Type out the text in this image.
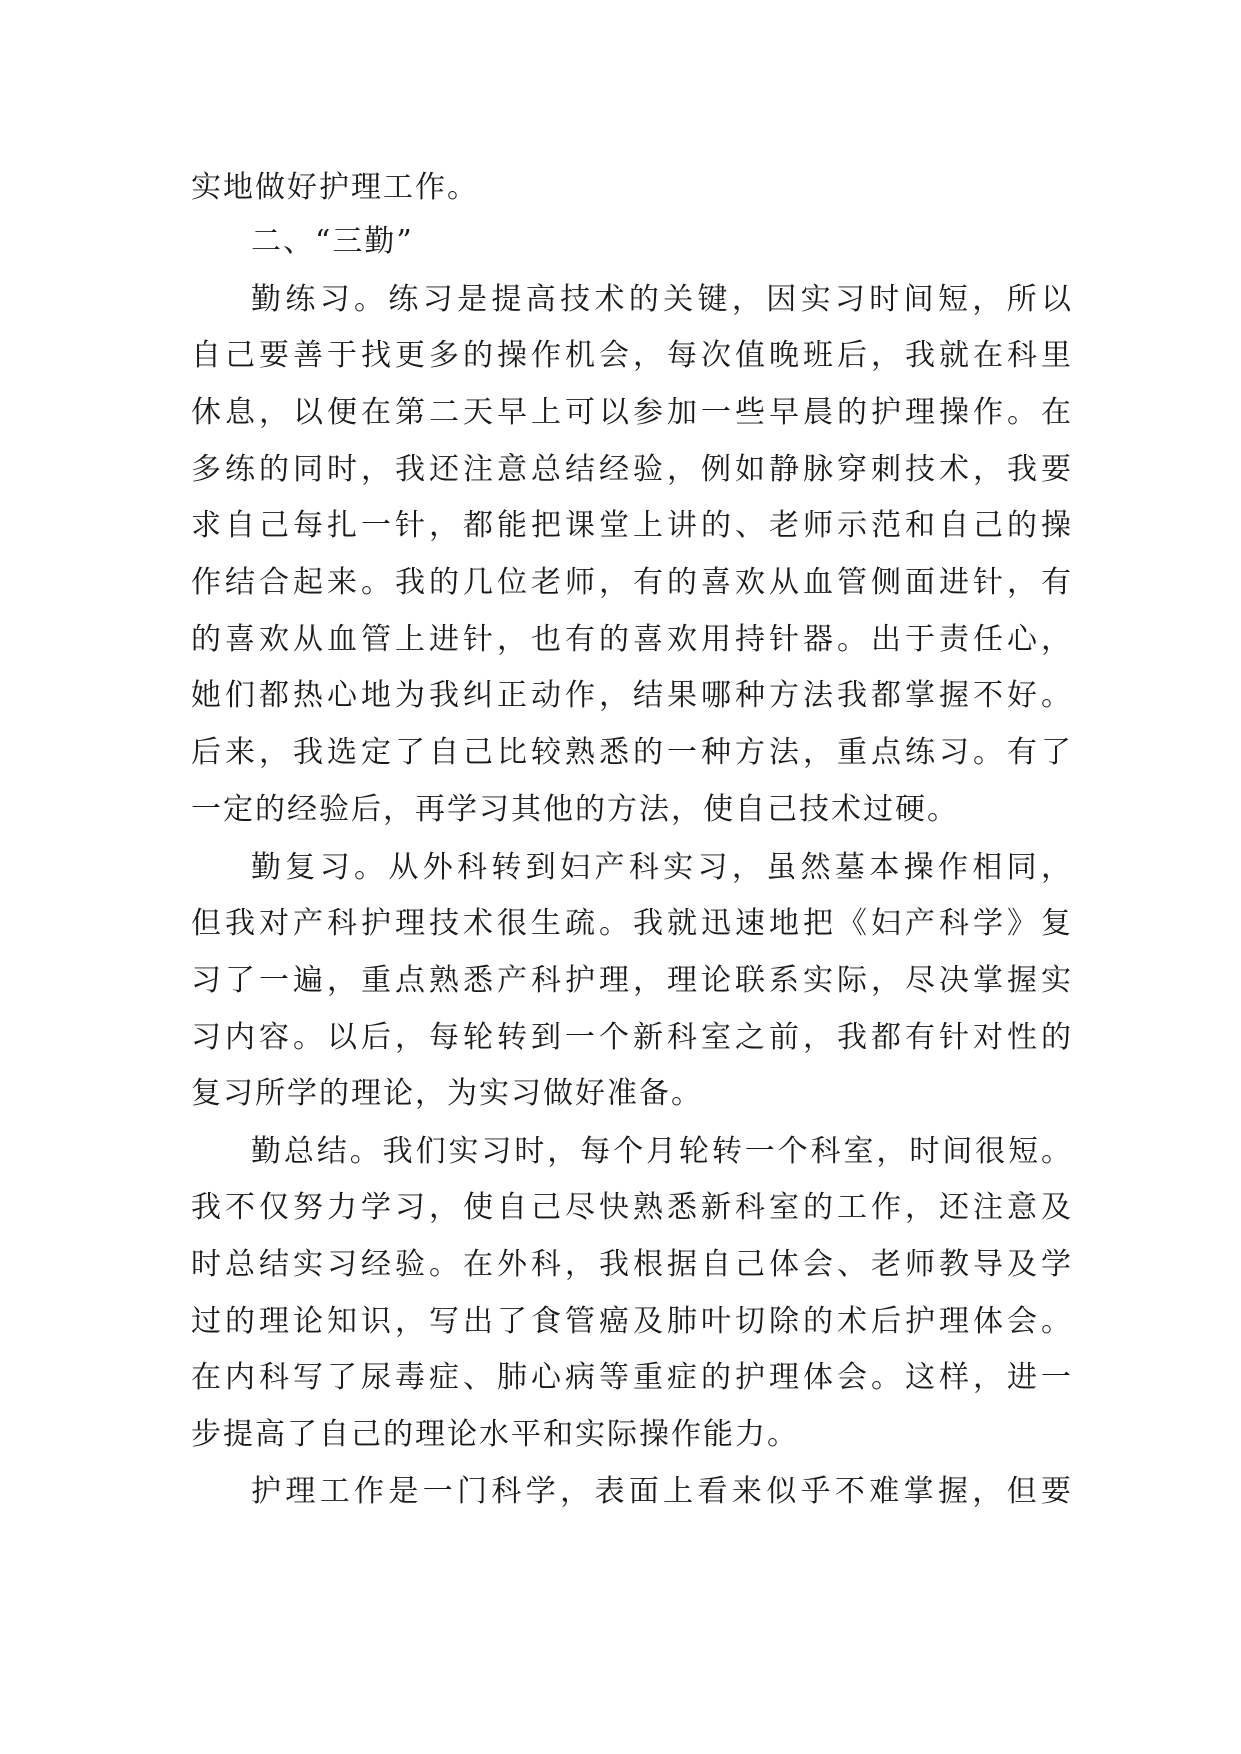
实地做好护理工作。
二、“三勤”
勤练习。练习是提高技术的关键，因实习时间短，所以
自己要善于找更多的操作机会，每次值晚班后，我就在科里
休息，以便在第二天早上可以参加一些早晨的护理操作。在
多练的同时，我还注意总结经验，例如静脉穿刺技术，我要
求自己每扎一针，都能把课堂上讲的、老师示范和自己的操
作结合起来。我的几位老师，有的喜欢从血管侧面进针，有
的喜欢从血管上进针，也有的喜欢用持针器。出于责任心，
她们都热心地为我纠正动作，结果哪种方法我都掌握不好。
后来，我选定了自己比较熟悉的一种方法，重点练习。有了
一定的经验后，再学习其他的方法，使自己技术过硬。
勤复习。从外科转到妇产科实习，虽然墓本操作相同，
但我对产科护理技术很生疏。我就迅速地把《妇产科学》复
习了一遍，重点熟悉产科护理，理论联系实际，尽决掌握实
习内容。以后，每轮转到一个新科室之前，我都有针对性的
复习所学的理论，为实习做好准备。
勤总结。我们实习时，每个月轮转一个科室，时间很短。
我不仅努力学习，使自己尽快熟悉新科室的工作，还注意及
时总结实习经验。在外科，我根据自己体会、老师教导及学
过的理论知识，写出了食管癌及肺叶切除的术后护理体会。
在内科写了尿毒症、肺心病等重症的护理体会。这样，进一
步提高了自己的理论水平和实际操作能力。
护理工作是一门科学，表面上看来似乎不难掌握，但要
